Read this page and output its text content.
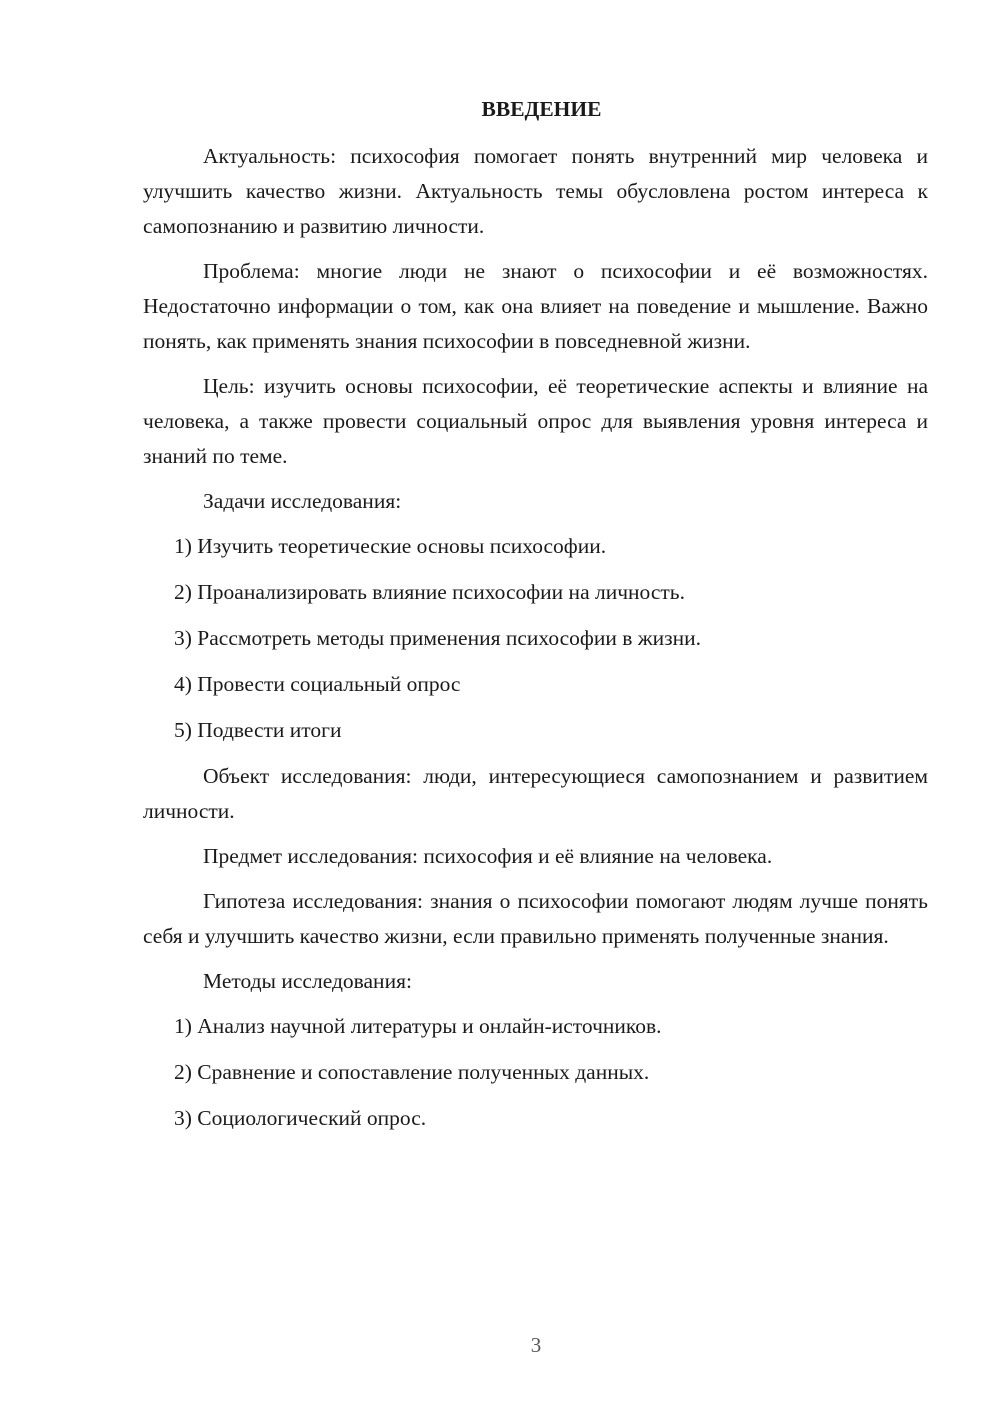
ВВЕДЕНИЕ

Актуальность: психософия помогает понять внутренний мир человека и улучшить качество жизни. Актуальность темы обусловлена ростом интереса к самопознанию и развитию личности.

Проблема: многие люди не знают о психософии и её возможностях. Недостаточно информации о том, как она влияет на поведение и мышление. Важно понять, как применять знания психософии в повседневной жизни.

Цель: изучить основы психософии, её теоретические аспекты и влияние на человека, а также провести социальный опрос для выявления уровня интереса и знаний по теме.

Задачи исследования:

1) Изучить теоретические основы психософии.
2) Проанализировать влияние психософии на личность.
3) Рассмотреть методы применения психософии в жизни.
4) Провести социальный опрос
5) Подвести итоги

Объект исследования: люди, интересующиеся самопознанием и развитием личности.

Предмет исследования: психософия и её влияние на человека.

Гипотеза исследования: знания о психософии помогают людям лучше понять себя и улучшить качество жизни, если правильно применять полученные знания.

Методы исследования:

1) Анализ научной литературы и онлайн-источников.
2) Сравнение и сопоставление полученных данных.
3) Социологический опрос.
3
